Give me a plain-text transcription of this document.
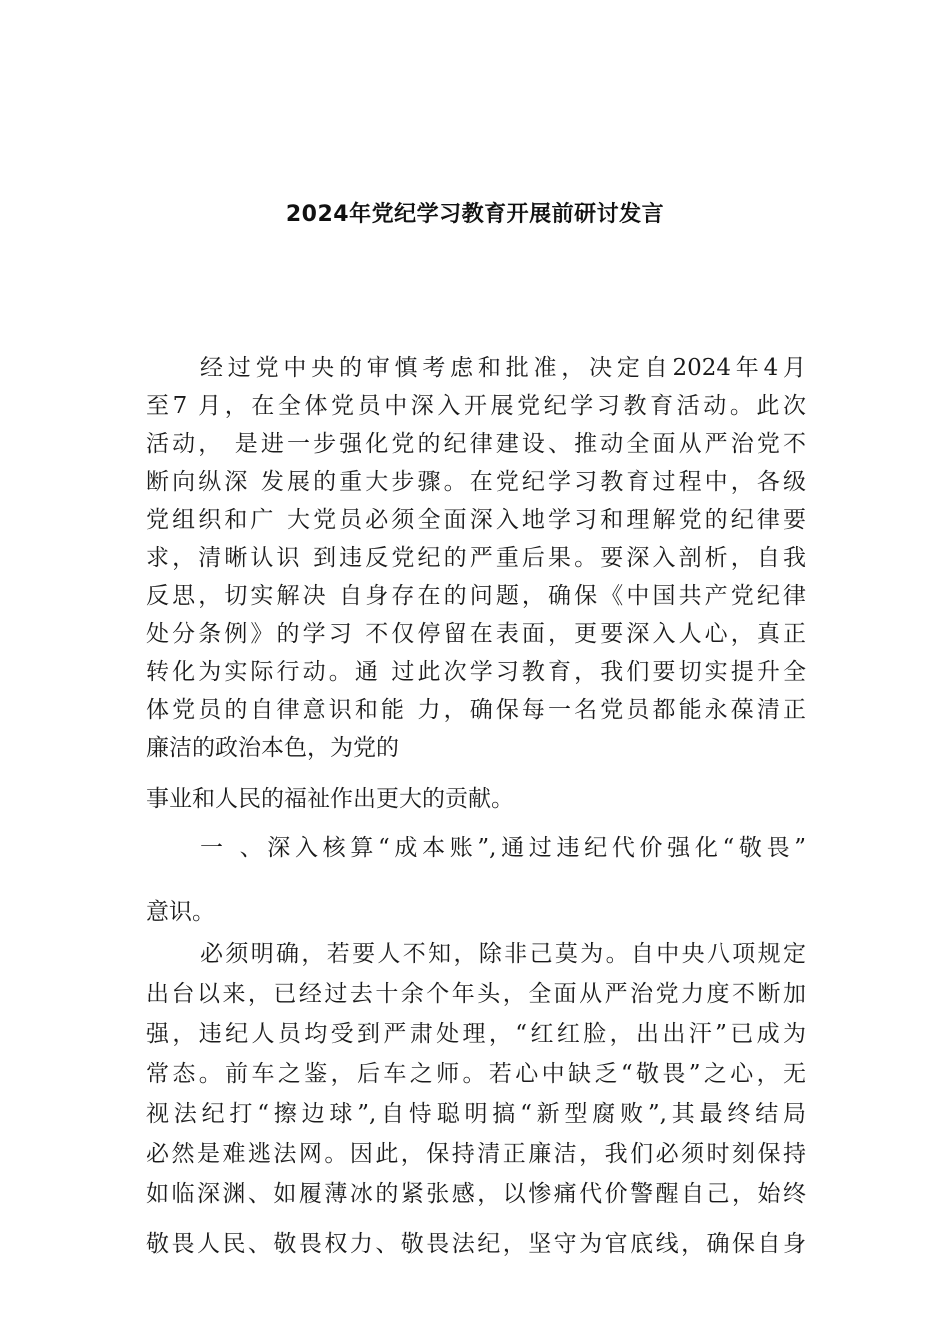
2024年党纪学习教育开展前研讨发言
经过党中央的审慎考虑和批准，决定自2024年4月
至7 月，在全体党员中深入开展党纪学习教育活动。此次
活动， 是进一步强化党的纪律建设、推动全面从严治党不
断向纵深 发展的重大步骤。在党纪学习教育过程中，各级
党组织和广 大党员必须全面深入地学习和理解党的纪律要
求，清晰认识 到违反党纪的严重后果。要深入剖析，自我
反思，切实解决 自身存在的问题，确保《中国共产党纪律
处分条例》的学习 不仅停留在表面，更要深入人心，真正
转化为实际行动。通 过此次学习教育，我们要切实提升全
体党员的自律意识和能 力，确保每一名党员都能永葆清正
廉洁的政治本色，为党的
事业和人民的福祉作出更大的贡献。
一 、深入核算“成本账”,通过违纪代价强化“敬畏”
意识。
必须明确，若要人不知，除非己莫为。自中央八项规定
出台以来，已经过去十余个年头，全面从严治党力度不断加
强，违纪人员均受到严肃处理，“红红脸，出出汗”已成为
常态。前车之鉴，后车之师。若心中缺乏“敬畏”之心，无
视法纪打“擦边球”,自恃聪明搞“新型腐败”,其最终结局
必然是难逃法网。因此，保持清正廉洁，我们必须时刻保持
如临深渊、如履薄冰的紧张感，以惨痛代价警醒自己，始终
敬畏人民、敬畏权力、敬畏法纪，坚守为官底线，确保自身
